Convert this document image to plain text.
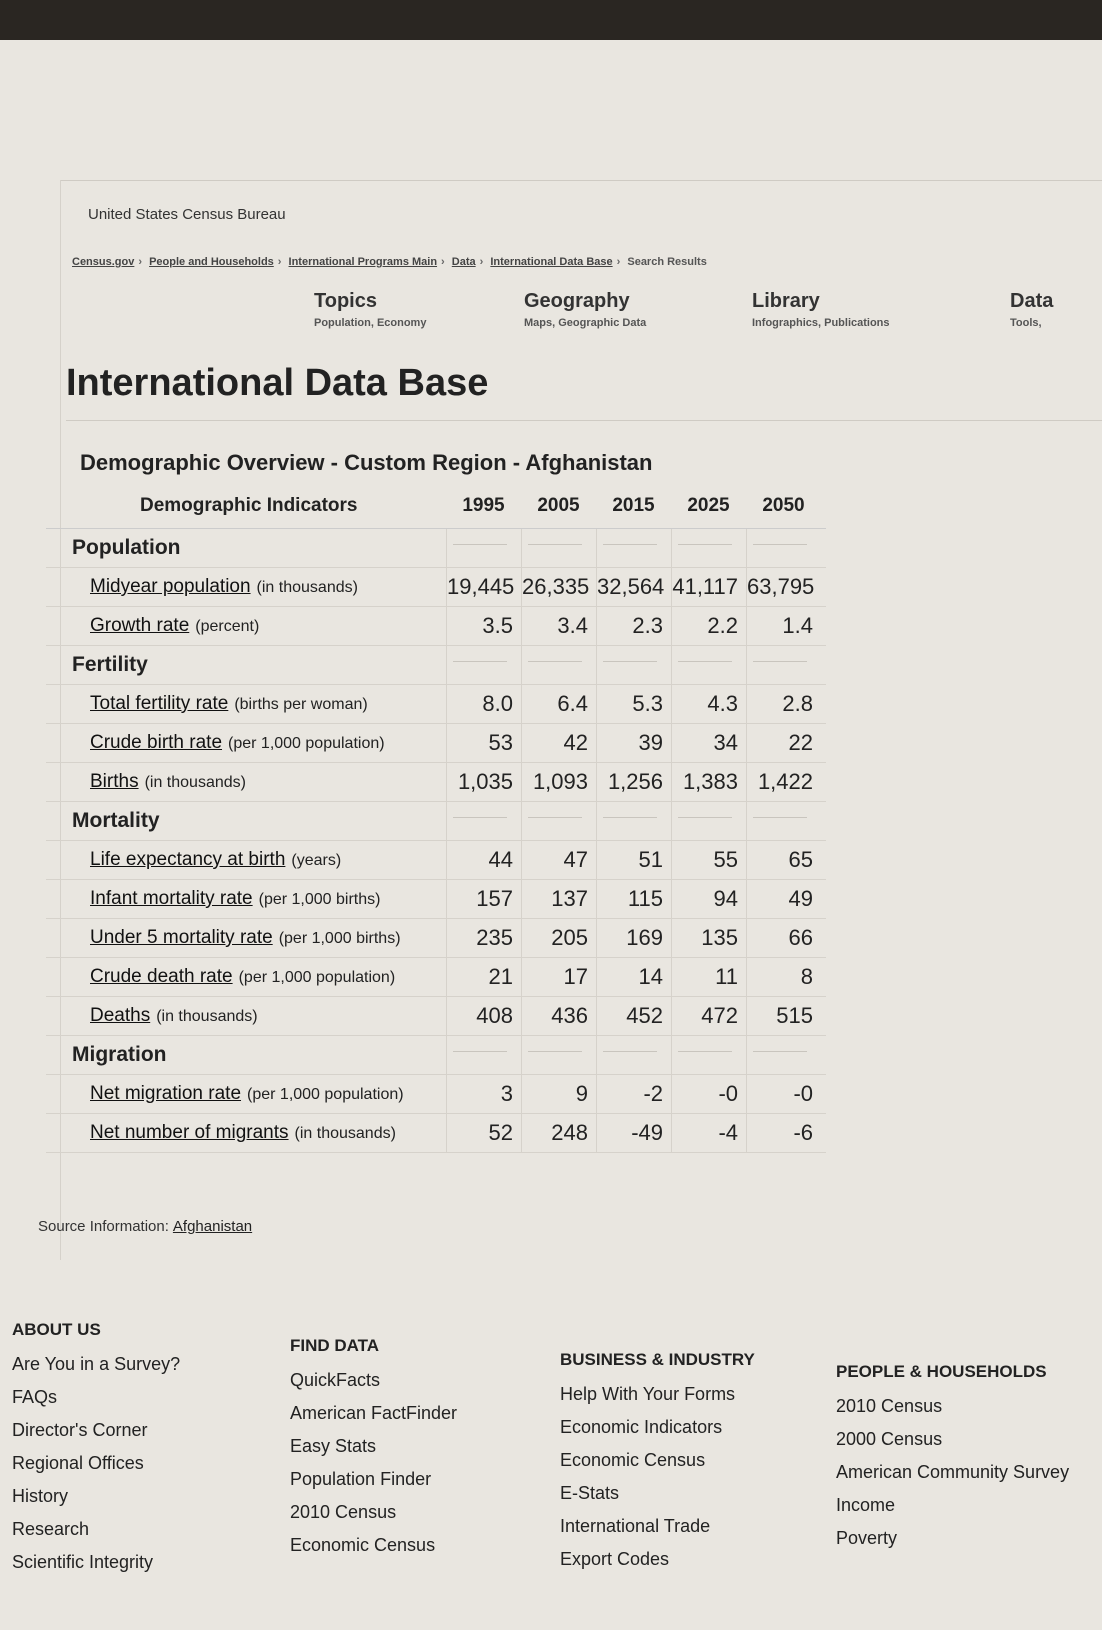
United States Census Bureau
Census.gov › People and Households › International Programs Main › Data › International Data Base › Search Results
Topics
Population, Economy
Geography
Maps, Geographic Data
Library
Infographics, Publications
Data
Tools,
International Data Base
Demographic Overview - Custom Region - Afghanistan
Demographic Indicators	1995	2005	2015	2025	2050
Population
Midyear population (in thousands)	19,445 26,335 32,564 41,117 63,795
Growth rate (percent)	3.5	3.4	2.3	2.2	1.4
Fertility
Total fertility rate (births per woman)	8.0	6.4	5.3	4.3	2.8
Crude birth rate (per 1,000 population)	53	42	39	34	22
Births (in thousands)	1,035 1,093 1,256 1,383 1,422
Mortality
Life expectancy at birth (years)	44	47	51	55	65
Infant mortality rate (per 1,000 births)	157	137	115	94	49
Under 5 mortality rate (per 1,000 births)	235	205	169	135	66
Crude death rate (per 1,000 population)	21	17	14	11	8
Deaths (in thousands)	408	436	452	472	515
Migration
Net migration rate (per 1,000 population)	3	9	-2	-0	-0
Net number of migrants (in thousands)	52	248	-49	-4	-6
Source Information: Afghanistan
ABOUT US
Are You in a Survey?
FAQs
Director's Corner
Regional Offices
History
Research
Scientific Integrity
FIND DATA
QuickFacts
American FactFinder
Easy Stats
Population Finder
2010 Census
Economic Census
BUSINESS & INDUSTRY
Help With Your Forms
Economic Indicators
Economic Census
E-Stats
International Trade
Export Codes
PEOPLE & HOUSEHOLDS
2010 Census
2000 Census
American Community Survey
Income
Poverty
